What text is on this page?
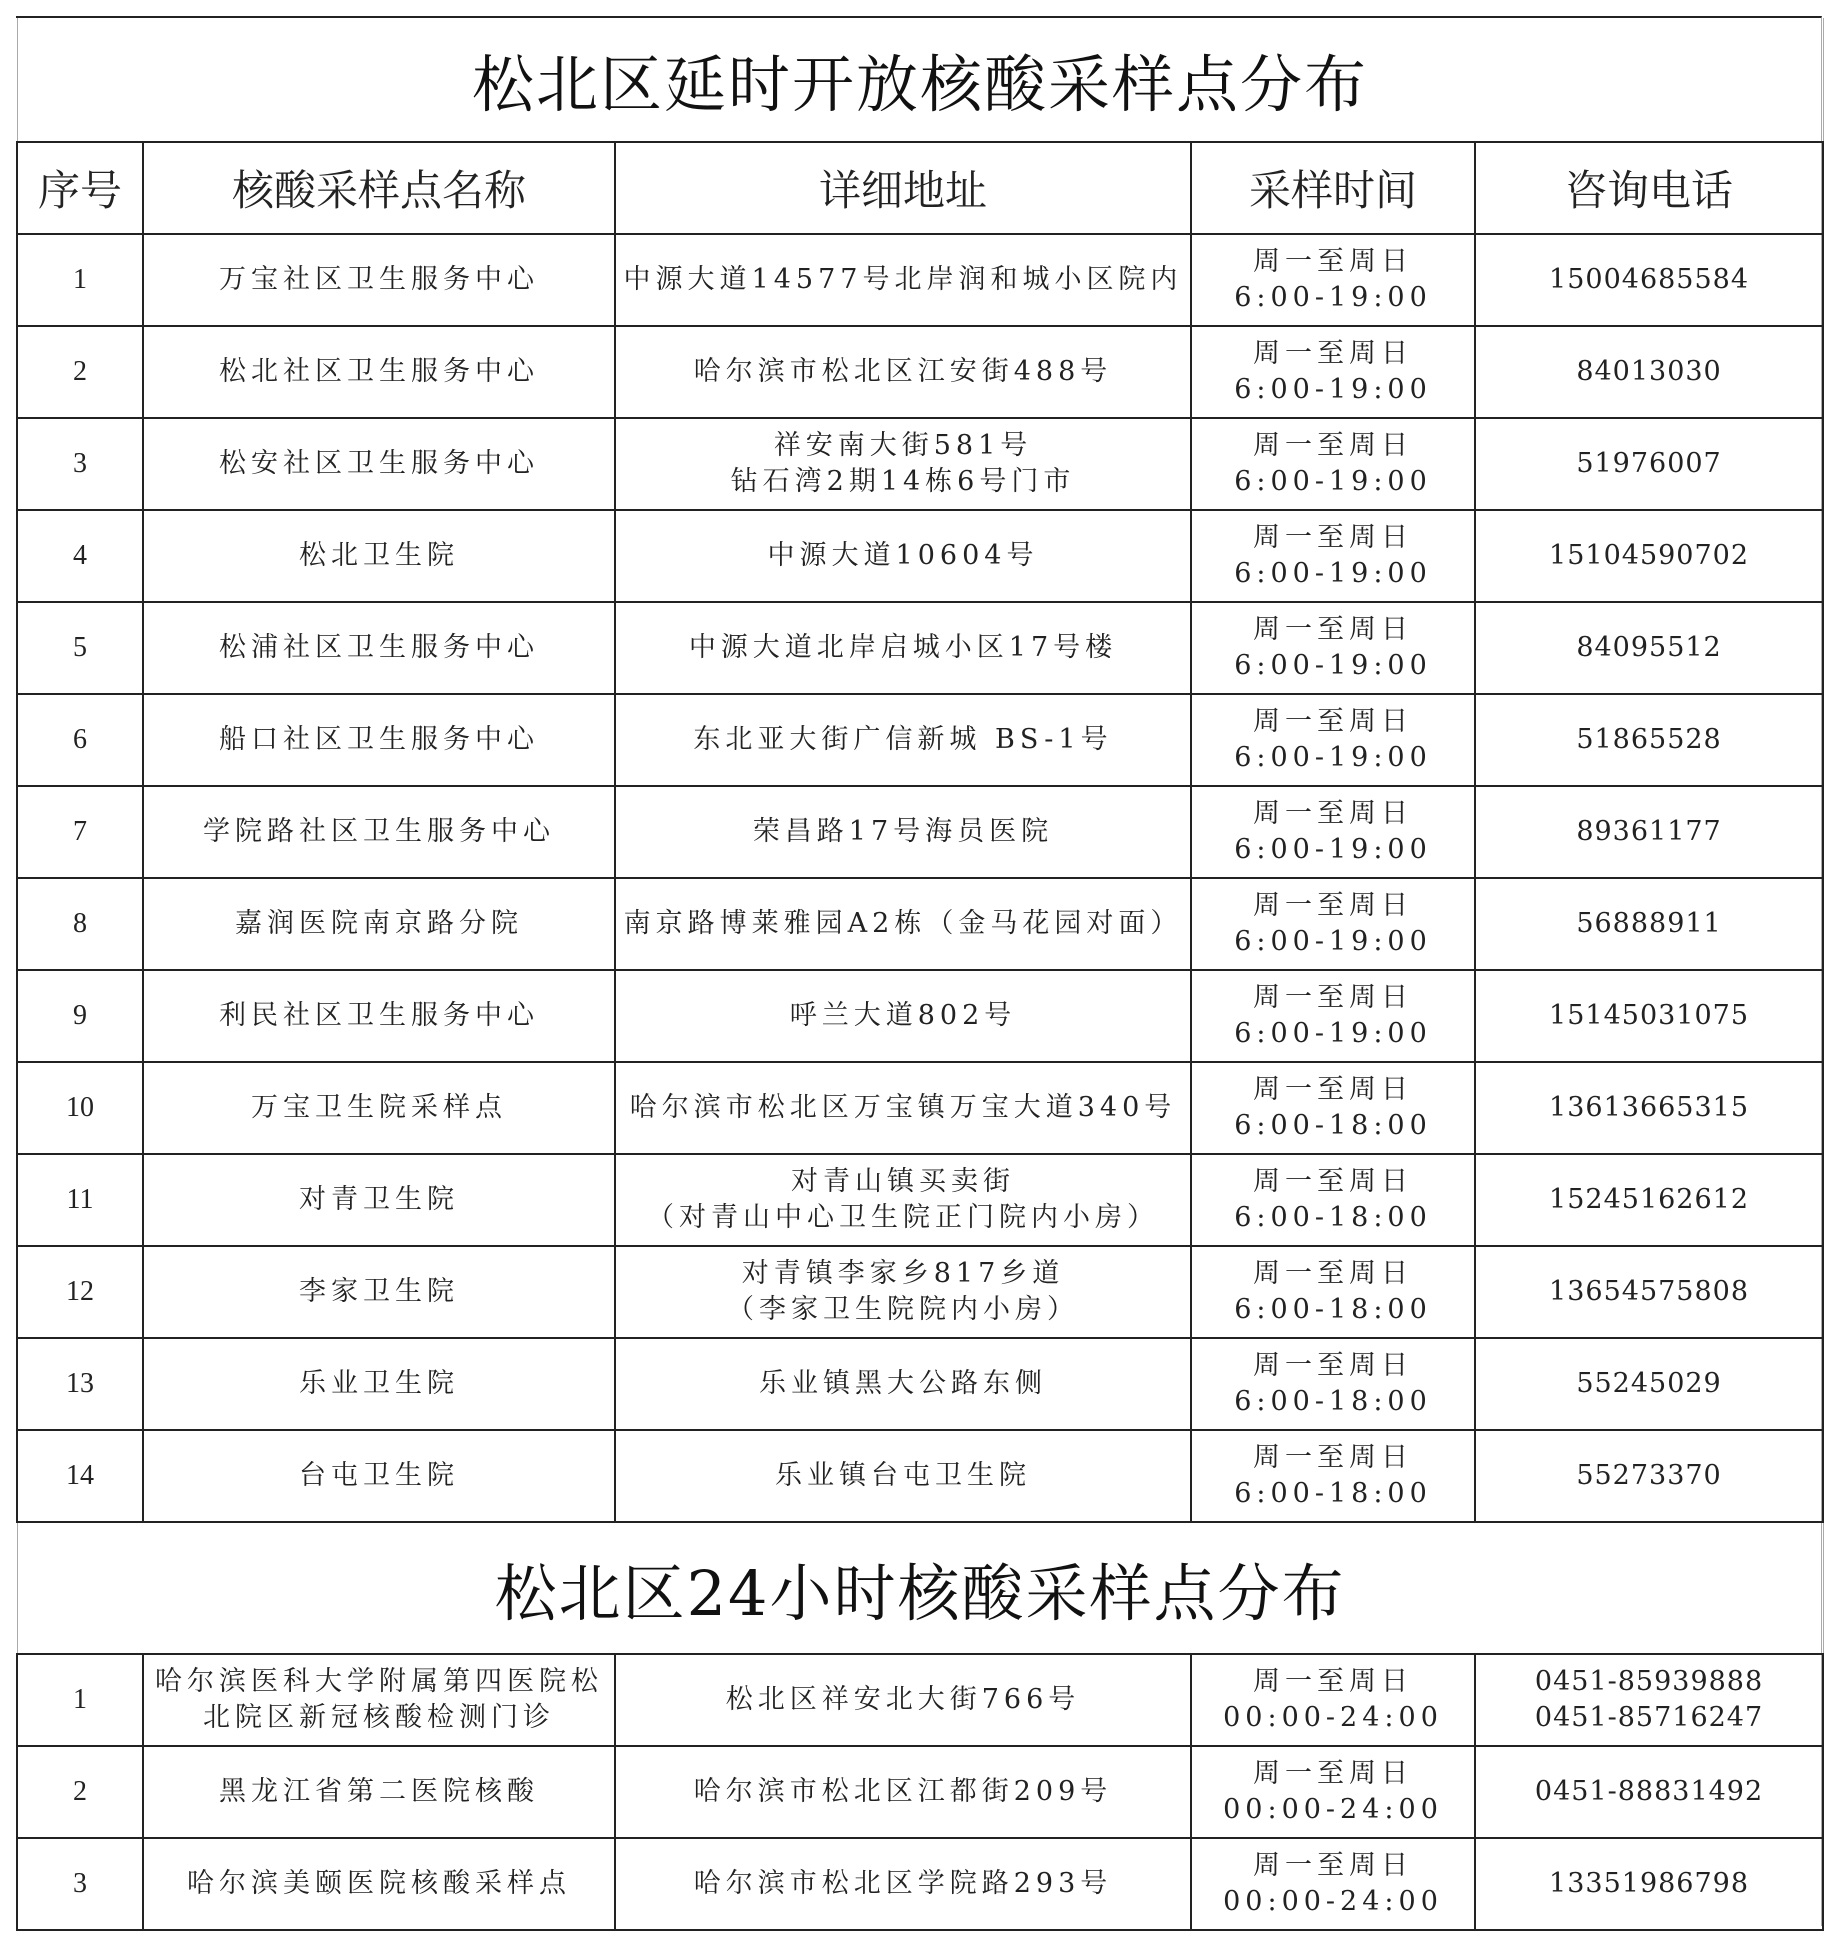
松北区延时开放核酸采样点分布				
序号	核酸采样点名称	详细地址	采样时间	咨询电话
1	万宝社区卫生服务中心	中源大道14577号北岸润和城小区院内	周一至周日
6:00-19:00	15004685584

2	松北社区卫生服务中心	哈尔滨市松北区江安街488号	周一至周日
6:00-19:00	84013030

3	松安社区卫生服务中心	祥安南大街581号
钻石湾2期14栋6号门市	周一至周日
6:00-19:00	51976007

4	松北卫生院	中源大道10604号	周一至周日
6:00-19:00	15104590702

5	松浦社区卫生服务中心	中源大道北岸启城小区17号楼	周一至周日
6:00-19:00	84095512

6	船口社区卫生服务中心	东北亚大街广信新城 BS-1号	周一至周日
6:00-19:00	51865528

7	学院路社区卫生服务中心	荣昌路17号海员医院	周一至周日
6:00-19:00	89361177

8	嘉润医院南京路分院	南京路博莱雅园A2栋（金马花园对面）	周一至周日
6:00-19:00	56888911

9	利民社区卫生服务中心	呼兰大道802号	周一至周日
6:00-19:00	15145031075

10	万宝卫生院采样点	哈尔滨市松北区万宝镇万宝大道340号	周一至周日
6:00-18:00	13613665315

11	对青卫生院	对青山镇买卖街
（对青山中心卫生院正门院内小房）	周一至周日
6:00-18:00	15245162612

12	李家卫生院	对青镇李家乡817乡道
（李家卫生院院内小房）	周一至周日
6:00-18:00	13654575808

13	乐业卫生院	乐业镇黑大公路东侧	周一至周日
6:00-18:00	55245029

14	台屯卫生院	乐业镇台屯卫生院	周一至周日
6:00-18:00	55273370

松北区24小时核酸采样点分布				
1	哈尔滨医科大学附属第四医院松
北院区新冠核酸检测门诊	松北区祥安北大街766号	周一至周日
00:00-24:00	0451-85939888
0451-85716247

2	黑龙江省第二医院核酸	哈尔滨市松北区江都街209号	周一至周日
00:00-24:00	0451-88831492

3	哈尔滨美颐医院核酸采样点	哈尔滨市松北区学院路293号	周一至周日
00:00-24:00	13351986798
